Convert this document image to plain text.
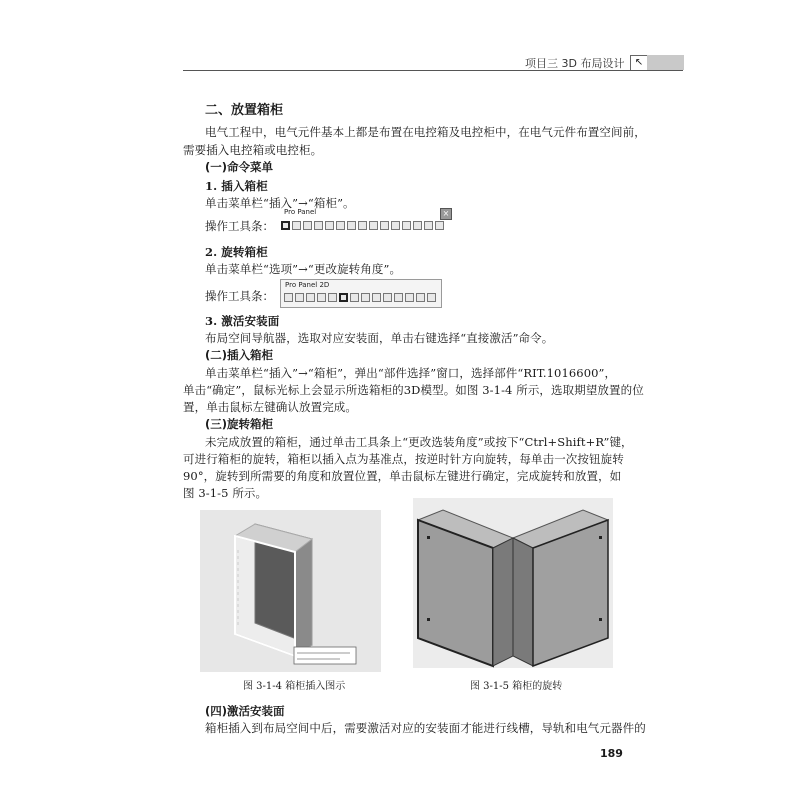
项目三 3D 布局设计	↖
二、放置箱柜
电气工程中，电气元件基本上都是布置在电控箱及电控柜中，在电气元件布置空间前，
需要插入电控箱或电控柜。
(一)命令菜单
1. 插入箱柜
单击菜单栏“插入”→“箱柜”。
操作工具条：
Pro Panel	×
2. 旋转箱柜
单击菜单栏“选项”→“更改旋转角度”。
操作工具条：
Pro Panel 2D
3. 激活安装面
布局空间导航器，选取对应安装面，单击右键选择“直接激活”命令。
(二)插入箱柜
单击菜单栏“插入”→“箱柜”，弹出“部件选择”窗口，选择部件“RIT.1016600”，
单击“确定”，鼠标光标上会显示所选箱柜的3D模型。如图 3-1-4 所示，选取期望放置的位
置，单击鼠标左键确认放置完成。
(三)旋转箱柜
未完成放置的箱柜，通过单击工具条上“更改选装角度”或按下“Ctrl+Shift+R”键，
可进行箱柜的旋转，箱柜以插入点为基准点，按逆时针方向旋转，每单击一次按钮旋转
90°，旋转到所需要的角度和放置位置，单击鼠标左键进行确定，完成旋转和放置，如
图 3-1-5 所示。
图 3-1-4 箱柜插入图示	图 3-1-5 箱柜的旋转
(四)激活安装面
箱柜插入到布局空间中后，需要激活对应的安装面才能进行线槽，导轨和电气元器件的
189
